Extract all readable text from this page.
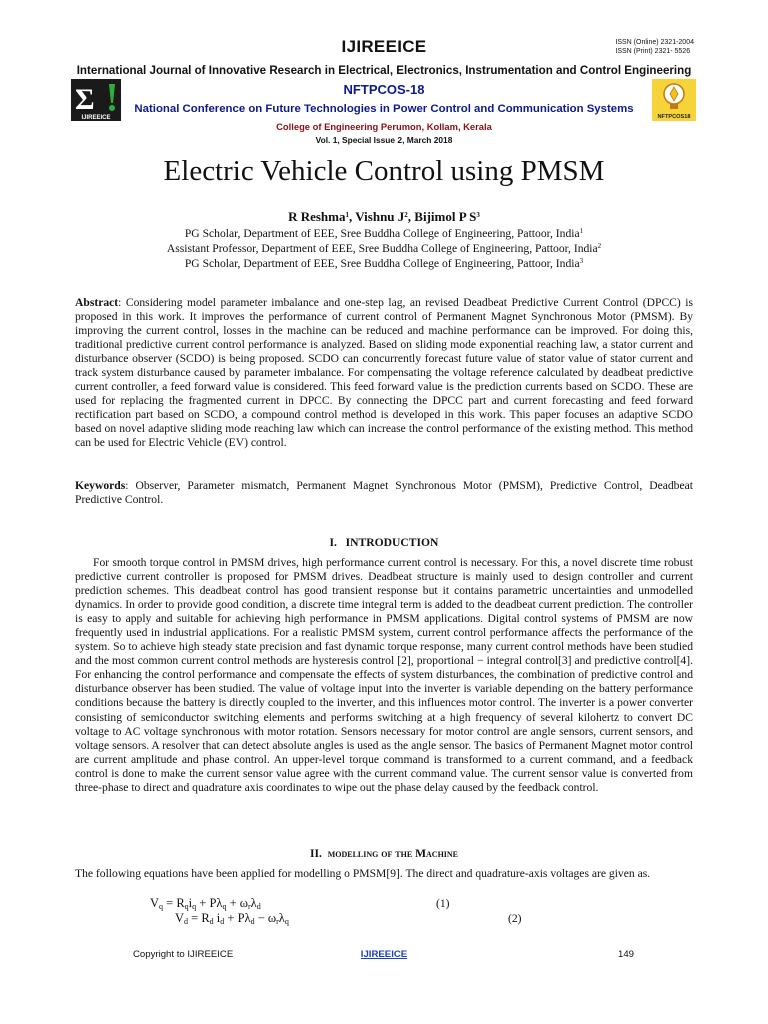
IJIREEICE	ISSN (Online) 2321-2004
ISSN (Print) 2321- 5526
International Journal of Innovative Research in Electrical, Electronics, Instrumentation and Control Engineering
Σ
IJIREEICE
NFTPCOS-18
NFTPCOS18
National Conference on Future Technologies in Power Control and Communication Systems
College of Engineering Perumon, Kollam, Kerala
Vol. 1, Special Issue 2, March 2018
Electric Vehicle Control using PMSM
R Reshma$^1$, Vishnu $J^2$, Bijimol P $S^3$
PG Scholar, Department of EEE, Sree Buddha College of Engineering, Pattoor, India$^1$
Assistant Professor, Department of EEE, Sree Buddha College of Engineering, Pattoor, India$^2$
PG Scholar, Department of EEE, Sree Buddha College of Engineering, Pattoor, India$^3$

Abstract: Considering model parameter imbalance and one-step lag, an revised Deadbeat Predictive Current Control (DPCC) is proposed in this work. It improves the performance of current control of Permanent Magnet Synchronous Motor (PMSM). By improving the current control, losses in the machine can be reduced and machine performance can be improved. For doing this, traditional predictive current control performance is analyzed. Based on sliding mode exponential reaching law, a stator current and disturbance observer (SCDO) is being proposed. SCDO can concurrently forecast future value of stator value of stator current and track system disturbance caused by parameter imbalance. For compensating the voltage reference calculated by deadbeat predictive current controller, a feed forward value is considered. This feed forward value is the prediction currents based on SCDO. These are used for replacing the fragmented current in DPCC. By connecting the DPCC part and current forecasting and feed forward rectification part based on SCDO, a compound control method is developed in this work. This paper focuses an adaptive SCDO based on novel adaptive sliding mode reaching law which can increase the control performance of the existing method. This method can be used for Electric Vehicle (EV) control.

Keywords: Observer, Parameter mismatch, Permanent Magnet Synchronous Motor (PMSM), Predictive Control, Deadbeat Predictive Control.

I. INTRODUCTION

For smooth torque control in PMSM drives, high performance current control is necessary. For this, a novel discrete time robust predictive current controller is proposed for PMSM drives. Deadbeat structure is mainly used to design controller and current prediction schemes. This deadbeat control has good transient response but it contains parametric uncertainties and unmodelled dynamics. In order to provide good condition, a discrete time integral term is added to the deadbeat current prediction. The controller is easy to apply and suitable for achieving high performance in PMSM applications. Digital control systems of PMSM are now frequently used in industrial applications. For a realistic PMSM system, current control performance affects the performance of the system. So to achieve high steady state precision and fast dynamic torque response, many current control methods have been studied and the most common current control methods are hysteresis control [2], proportional − integral control[3] and predictive control[4]. For enhancing the control performance and compensate the effects of system disturbances, the combination of predictive control and disturbance observer has been studied. The value of voltage input into the inverter is variable depending on the battery performance conditions because the battery is directly coupled to the inverter, and this influences motor control. The inverter is a power converter consisting of semiconductor switching elements and performs switching at a high frequency of several kilohertz to convert DC voltage to AC voltage synchronous with motor rotation. Sensors necessary for motor control are angle sensors, current sensors, and voltage sensors. A resolver that can detect absolute angles is used as the angle sensor. The basics of Permanent Magnet motor control are current amplitude and phase control. An upper-level torque command is transformed to a current command, and a feedback control is done to make the current sensor value agree with the current command value. The current sensor value is converted from three-phase to direct and quadrature axis coordinates to wipe out the phase delay caused by the feedback control.

II. modelling of the Machine

The following equations have been applied for modelling o PMSM[9]. The direct and quadrature-axis voltages are given as.

$V_q = R_qi_q + P\lambda_q + \omega_r\lambda_d$	(1)
$V_d = R_d$ $i_d + P\lambda_d - \omega_r\lambda_q$	(2)
Copyright to IJIREEICE	IJIREEICE	149
